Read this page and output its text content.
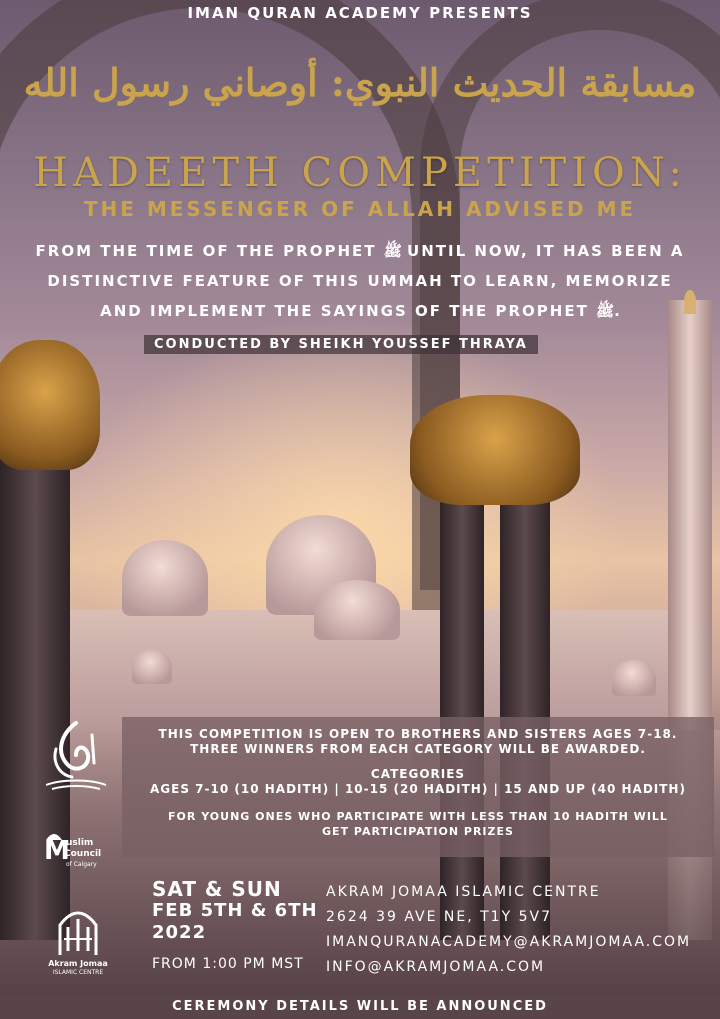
IMAN QURAN ACADEMY PRESENTS
مسابقة الحديث النبوي: أوصاني رسول الله
HADEETH COMPETITION:
THE MESSENGER OF ALLAH ADVISED ME
FROM THE TIME OF THE PROPHET ﷺ UNTIL NOW, IT HAS BEEN A
DISTINCTIVE FEATURE OF THIS UMMAH TO LEARN, MEMORIZE
AND IMPLEMENT THE SAYINGS OF THE PROPHET ﷺ.
CONDUCTED BY SHEIKH YOUSSEF THRAYA
THIS COMPETITION IS OPEN TO BROTHERS AND SISTERS AGES 7-18.
THREE WINNERS FROM EACH CATEGORY WILL BE AWARDED.
CATEGORIES
AGES 7-10 (10 HADITH) | 10-15 (20 HADITH) | 15 AND UP (40 HADITH)
FOR YOUNG ONES WHO PARTICIPATE WITH LESS THAN 10 HADITH WILL
GET PARTICIPATION PRIZES
M
uslim
Council
of Calgary
Akram Jomaa
ISLAMIC CENTRE
SAT & SUN
FEB 5TH & 6TH
2022
FROM 1:00 PM MST
AKRAM JOMAA ISLAMIC CENTRE
2624 39 AVE NE, T1Y 5V7
IMANQURANACADEMY@AKRAMJOMAA.COM
INFO@AKRAMJOMAA.COM
CEREMONY DETAILS WILL BE ANNOUNCED
